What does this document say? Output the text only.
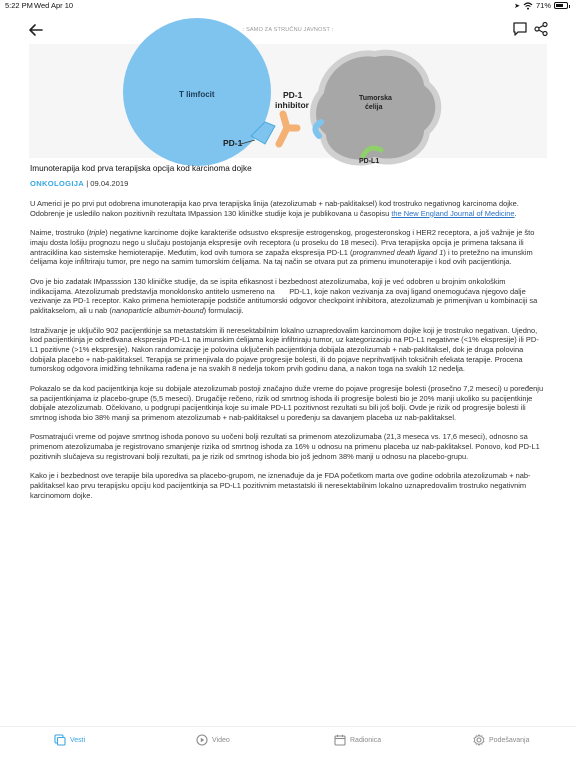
5:22 PM Wed Apr 10	➤ 71%
: SAMO ZA STRUČNU JAVNOST :
T limfocit	PD-1
inhibitor
PD-1
Tumorska
ćelija
PD-L1
Imunoterapija kod prva terapijska opcija kod karcinoma dojke
ONKOLOGIJA | 09.04.2019

U Americi je po prvi put odobrena imunoterapija kao prva terapijska linija (atezolizumab + nab-paklitaksel) kod trostruko negativnog karcinoma dojke. Odobrenje je usledilo nakon pozitivnih rezultata IMpassion 130 kliničke studije koja je publikovana u časopisu the New England Journal of Medicine.

Naime, trostruko (triple) negativne karcinome dojke karakteriše odsustvo ekspresije estrogenskog, progesteronskog i HER2 receptora, a još važnije je što imaju dosta lošiju prognozu nego u slučaju postojanja ekspresije ovih receptora (u proseku do 18 meseci). Prva terapijska opcija je primena taksana ili antraciklina kao sistemske hemioterapije. Međutim, kod ovih tumora se zapaža ekspresija PD-L1 (programmed death ligand 1) i to pretežno na imunskim ćelijama koje infiltriraju tumor, pre nego na samim tumorskim ćelijama. Na taj način se otvara put za primenu imunoterapije i kod ovih pacijentkinja.

Ovo je bio zadatak IMpasssion 130 kliničke studije, da se ispita efikasnost i bezbednost atezolizumaba, koji je već odobren u brojnim onkološkim indikacijama. Atezolizumab predstavlja monoklonsko antitelo usmereno na       PD-L1, koje nakon vezivanja za ovaj ligand onemogućava njegovo dalje vezivanje za PD-1 receptor. Kako primena hemioterapije podstiče antitumorski odgovor checkpoint inhibitora, atezolizumab je primenjivan u kombinaciji sa paklitakselom, ali u nab (nanoparticle albumin-bound) formulaciji.

Istraživanje je uključilo 902 pacijentkinje sa metastatskim ili neresektabilnim lokalno uznapredovalim karcinomom dojke koji je trostruko negativan. Ujedno, kod pacijentkinja je određivana ekspresija PD-L1 na imunskim ćelijama koje infiltriraju tumor, uz kategorizaciju na PD-L1 negativne (<1% ekspresije) ili PD-L1 pozitivne (>1% ekspresije). Nakon randomizacije je polovina uključenih pacijentkinja dobijala atezolizumab + nab-paklitaksel, dok je druga polovina dobijala placebo + nab-paklitaksel. Terapija se primenjivala do pojave progresije bolesti, ili do pojave neprihvatljivih toksičnih efekata terapije. Procena tumorskog odgovora imidžing tehnikama rađena je na svakih 8 nedelja tokom prvih godinu dana, a nakon toga na svakih 12 nedelja.

Pokazalo se da kod pacijentkinja koje su dobijale atezolizumab postoji značajno duže vreme do pojave progresije bolesti (prosečno 7,2 meseci) u poređenju sa pacijentkinjama iz placebo-grupe (5,5 meseci). Drugačije rečeno, rizik od smrtnog ishoda ili progresije bolesti bio je 20% manji ukoliko su pacijentkinje dobijale atezolizumab. Očekivano, u podgrupi pacijentkinja koje su imale PD-L1 pozitivnost rezultati su bili još bolji. Ovde je rizik od progresije bolesti ili smrtnog ishoda bio 38% manji sa primenom atezolizumab + nab-paklitaksel u poređenju sa davanjem placeba uz nab-paklitaksel.

Posmatrajući vreme od pojave smrtnog ishoda ponovo su uočeni bolji rezultati sa primenom atezolizumaba (21,3 meseca vs. 17,6 meseci), odnosno sa primenom atezolizumaba je registrovano smanjenje rizika od smrtnog ishoda za 16% u odnosu na primenu placeba uz nab-paklitaksel. Ponovo, kod PD-L1 pozitivnih slučajeva su registrovani bolji rezultati, pa je rizik od smrtnog ishoda bio još jednom 38% manji u odnosu na placebo-grupu.

Kako je i bezbednost ove terapije bila uporediva sa placebo-grupom, ne iznenađuje da je FDA početkom marta ove godine odobrila atezolizumab + nab-paklitaksel kao prvu terapijsku opciju kod pacijentkinja sa PD-L1 pozitivnim metastatski ili neresektabilnim lokalno uznapredovalim trostruko negativnim karcinomom dojke.

Vesti	Video	Radionica	Podešavanja
